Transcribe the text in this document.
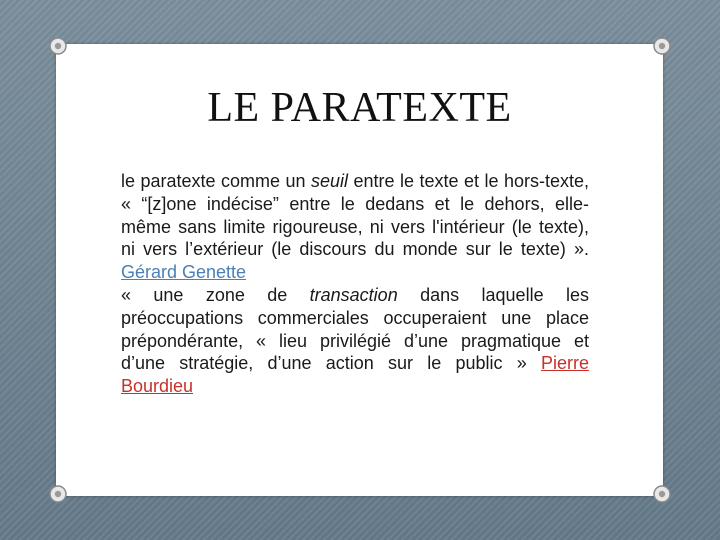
LE PARATEXTE

le paratexte comme un seuil entre le texte et le hors-texte, « “[z]one indécise” entre le dedans et le dehors, elle-même sans limite rigoureuse, ni vers l'intérieur (le texte), ni vers l’extérieur (le discours du monde sur le texte) ». Gérard Genette

« une zone de transaction dans laquelle les préoccupations commerciales occuperaient une place prépondérante, « lieu privilégié d’une pragmatique et d’une stratégie, d’une action sur le public » Pierre Bourdieu
